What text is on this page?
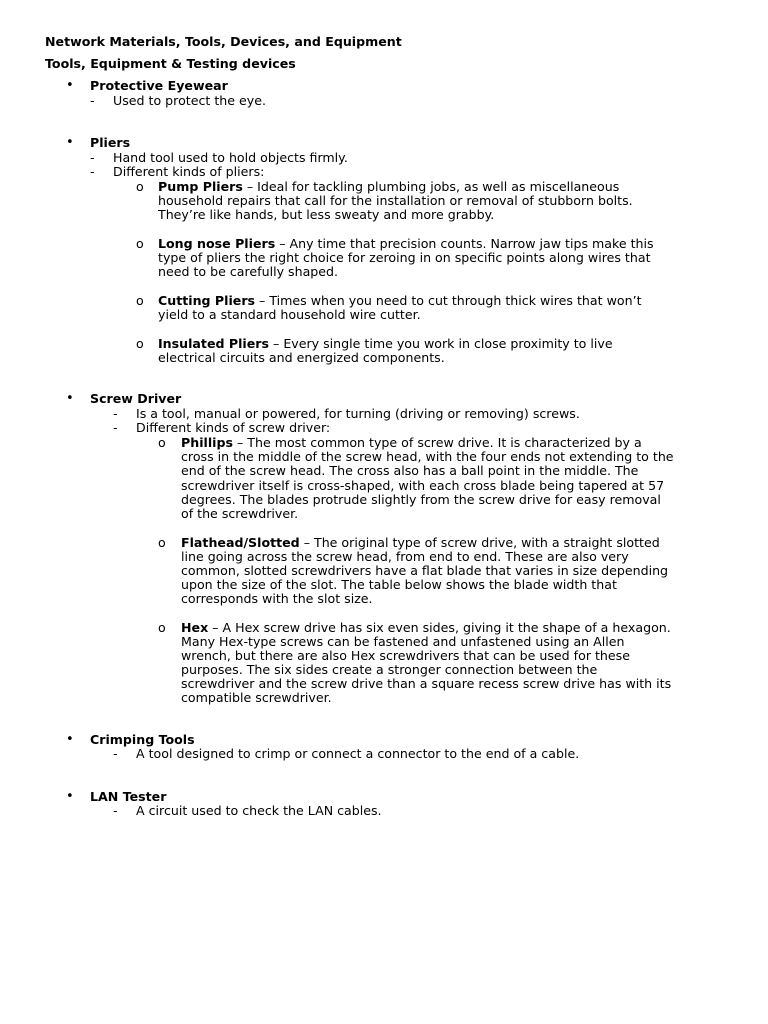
Network Materials, Tools, Devices, and Equipment
Tools, Equipment & Testing devices
• Protective Eyewear
- Used to protect the eye.
• Pliers
- Hand tool used to hold objects firmly.
- Different kinds of pliers:
o Pump Pliers – Ideal for tackling plumbing jobs, as well as miscellaneous
household repairs that call for the installation or removal of stubborn bolts.
They’re like hands, but less sweaty and more grabby.
o Long nose Pliers – Any time that precision counts. Narrow jaw tips make this
type of pliers the right choice for zeroing in on specific points along wires that
need to be carefully shaped.
o Cutting Pliers – Times when you need to cut through thick wires that won’t
yield to a standard household wire cutter.
o Insulated Pliers – Every single time you work in close proximity to live
electrical circuits and energized components.
• Screw Driver
- Is a tool, manual or powered, for turning (driving or removing) screws.
- Different kinds of screw driver:
o Phillips – The most common type of screw drive. It is characterized by a
cross in the middle of the screw head, with the four ends not extending to the
end of the screw head. The cross also has a ball point in the middle. The
screwdriver itself is cross-shaped, with each cross blade being tapered at 57
degrees. The blades protrude slightly from the screw drive for easy removal
of the screwdriver.
o Flathead/Slotted – The original type of screw drive, with a straight slotted
line going across the screw head, from end to end. These are also very
common, slotted screwdrivers have a flat blade that varies in size depending
upon the size of the slot. The table below shows the blade width that
corresponds with the slot size.
o Hex – A Hex screw drive has six even sides, giving it the shape of a hexagon.
Many Hex-type screws can be fastened and unfastened using an Allen
wrench, but there are also Hex screwdrivers that can be used for these
purposes. The six sides create a stronger connection between the
screwdriver and the screw drive than a square recess screw drive has with its
compatible screwdriver.
• Crimping Tools
- A tool designed to crimp or connect a connector to the end of a cable.
• LAN Tester
- A circuit used to check the LAN cables.
